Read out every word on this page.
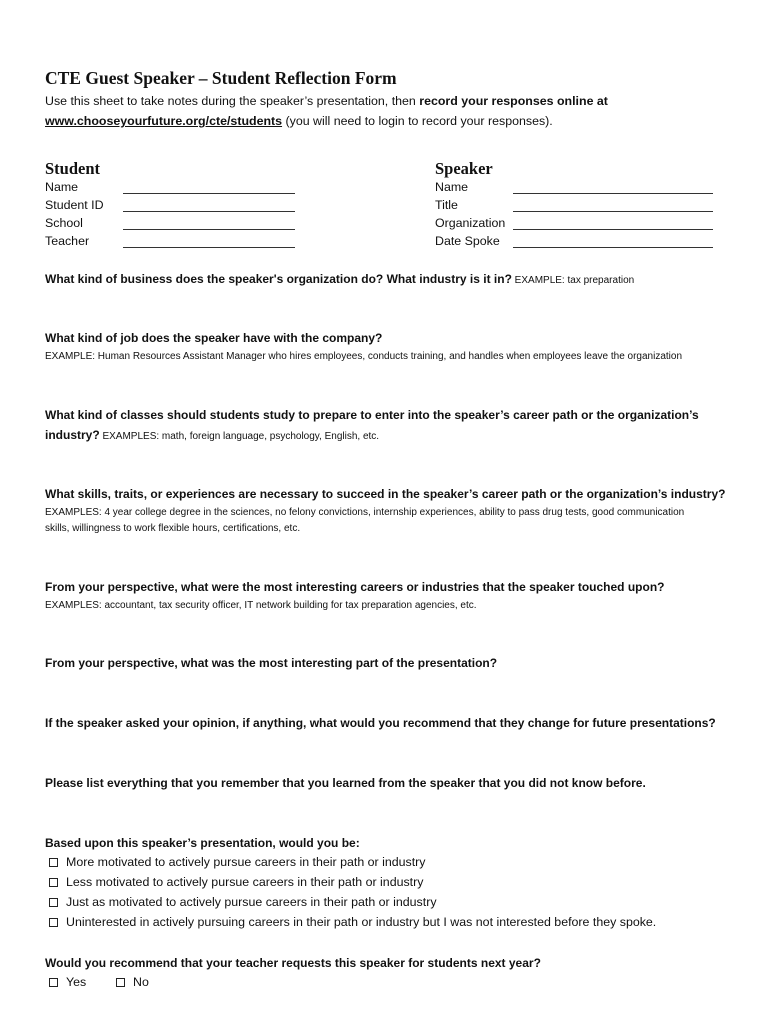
CTE Guest Speaker – Student Reflection Form
Use this sheet to take notes during the speaker’s presentation, then record your responses online at
www.chooseyourfuture.org/cte/students (you will need to login to record your responses).
Student
Name
Student ID
School
Teacher
Speaker
Name
Title
Organization
Date Spoke
What kind of business does the speaker's organization do? What industry is it in? EXAMPLE: tax preparation
What kind of job does the speaker have with the company?
EXAMPLE: Human Resources Assistant Manager who hires employees, conducts training, and handles when employees leave the organization
What kind of classes should students study to prepare to enter into the speaker’s career path or the organization’s
industry? EXAMPLES: math, foreign language, psychology, English, etc.
What skills, traits, or experiences are necessary to succeed in the speaker’s career path or the organization’s industry?
EXAMPLES: 4 year college degree in the sciences, no felony convictions, internship experiences, ability to pass drug tests, good communication
skills, willingness to work flexible hours, certifications, etc.
From your perspective, what were the most interesting careers or industries that the speaker touched upon?
EXAMPLES: accountant, tax security officer, IT network building for tax preparation agencies, etc.
From your perspective, what was the most interesting part of the presentation?
If the speaker asked your opinion, if anything, what would you recommend that they change for future presentations?
Please list everything that you remember that you learned from the speaker that you did not know before.
Based upon this speaker’s presentation, would you be:
More motivated to actively pursue careers in their path or industry
Less motivated to actively pursue careers in their path or industry
Just as motivated to actively pursue careers in their path or industry
Uninterested in actively pursuing careers in their path or industry but I was not interested before they spoke.
Would you recommend that your teacher requests this speaker for students next year?
Yes	No
